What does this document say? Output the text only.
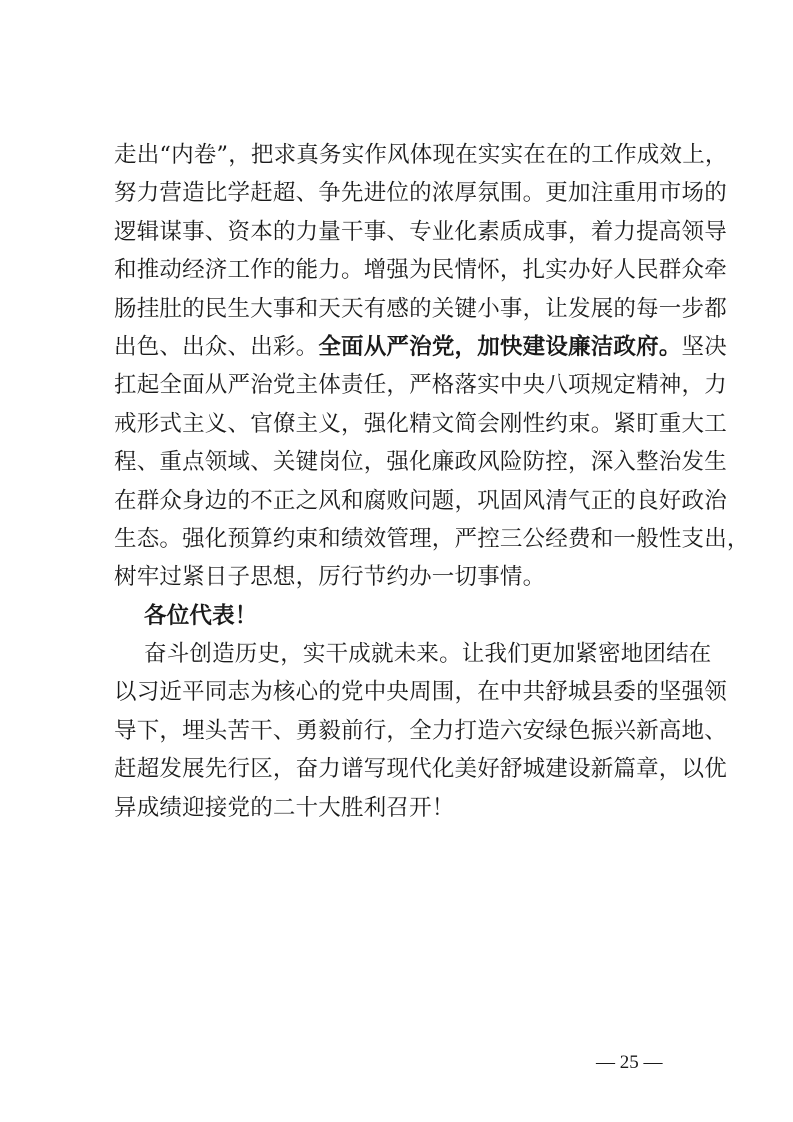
走出“内卷”，把求真务实作风体现在实实在在的工作成效上，
努力营造比学赶超、争先进位的浓厚氛围。更加注重用市场的
逻辑谋事、资本的力量干事、专业化素质成事，着力提高领导
和推动经济工作的能力。增强为民情怀，扎实办好人民群众牵
肠挂肚的民生大事和天天有感的关键小事，让发展的每一步都
出色、出众、出彩。全面从严治党，加快建设廉洁政府。坚决
扛起全面从严治党主体责任，严格落实中央八项规定精神，力
戒形式主义、官僚主义，强化精文简会刚性约束。紧盯重大工
程、重点领域、关键岗位，强化廉政风险防控，深入整治发生
在群众身边的不正之风和腐败问题，巩固风清气正的良好政治
生态。强化预算约束和绩效管理，严控三公经费和一般性支出，
树牢过紧日子思想，厉行节约办一切事情。
各位代表！
奋斗创造历史，实干成就未来。让我们更加紧密地团结在
以习近平同志为核心的党中央周围，在中共舒城县委的坚强领
导下，埋头苦干、勇毅前行，全力打造六安绿色振兴新高地、
赶超发展先行区，奋力谱写现代化美好舒城建设新篇章，以优
异成绩迎接党的二十大胜利召开！
— 25 —
